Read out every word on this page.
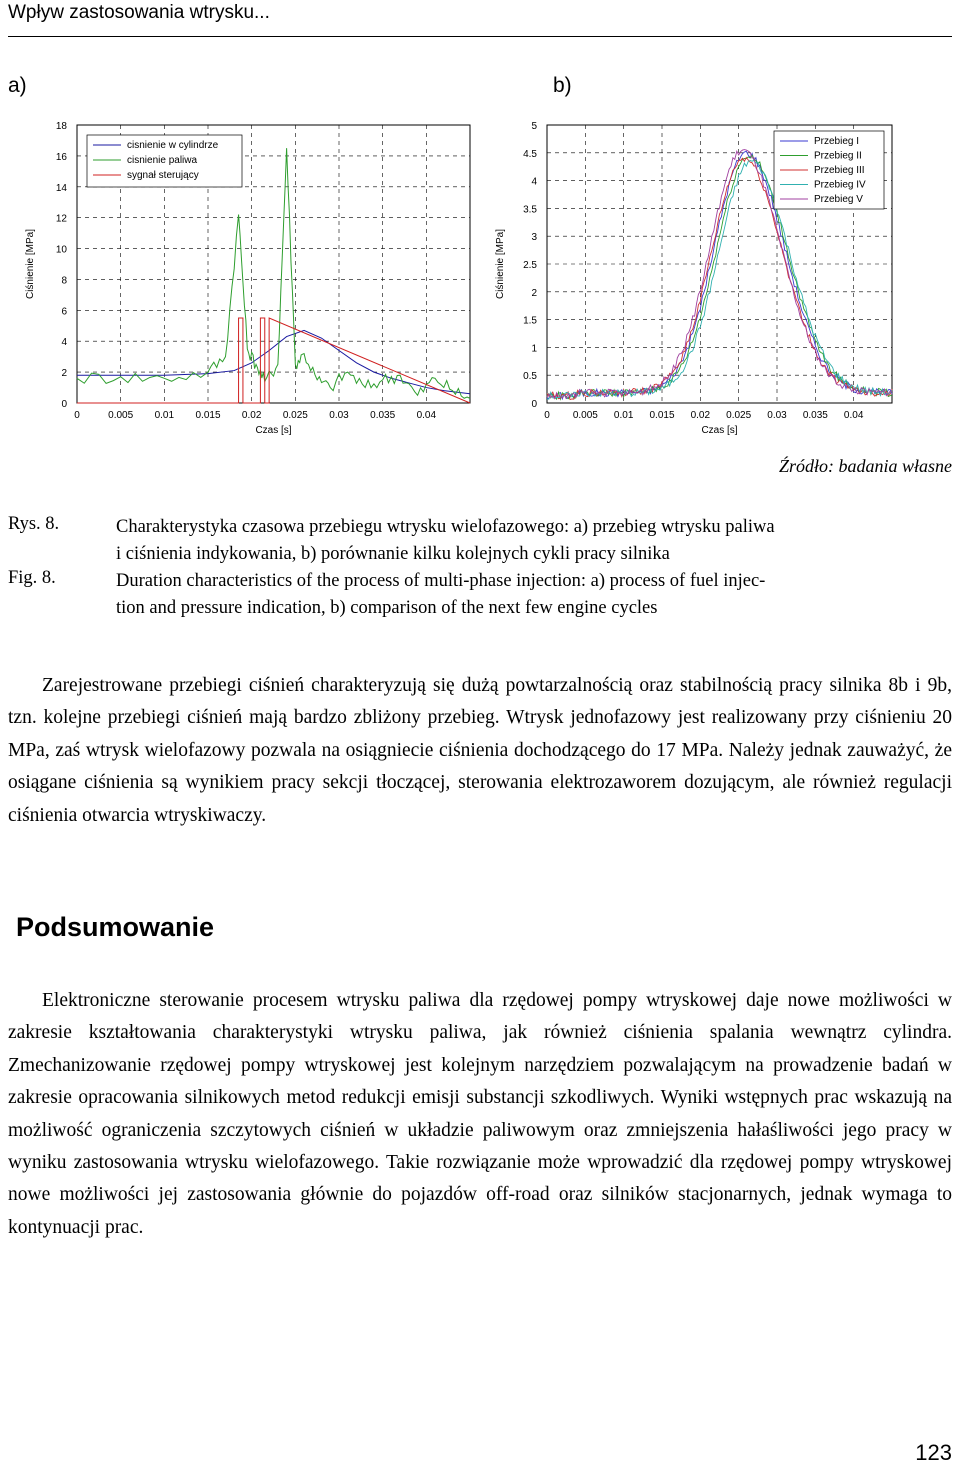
Wpływ zastosowania wtrysku...
a)	b)
0	0.005 0.01 0.015 0.02 0.025 0.03 0.035 0.04
0
2
4
6
8
10
12
14
16
18
Czas [s]
Ciśnienie [MPa]
cisnienie w cylindrze
cisnienie paliwa
sygnał sterujący
0 0.005 0.01 0.015 0.02 0.025 0.03 0.035 0.04
0
0.5
1
1.5
2
2.5
3
3.5
4
4.5
5
Czas [s]
Ciśnienie [MPa]
Przebieg I
Przebieg II
Przebieg III
Przebieg IV
Przebieg V
Źródło: badania własne
Rys. 8.
Fig. 8.
Charakterystyka czasowa przebiegu wtrysku wielofazowego: a) przebieg wtrysku paliwa
i ciśnienia indykowania, b) porównanie kilku kolejnych cykli pracy silnika
Duration characteristics of the process of multi-phase injection: a) process of fuel injec-
tion and pressure indication, b) comparison of the next few engine cycles
Zarejestrowane przebiegi ciśnień charakteryzują się dużą powtarzalnością oraz stabilnością pracy silnika 8b i 9b, tzn. kolejne przebiegi ciśnień mają bardzo zbliżony przebieg. Wtrysk jednofazowy jest realizowany przy ciśnieniu 20 MPa, zaś wtrysk wielofazowy pozwala na osiągniecie ciśnienia dochodzącego do 17 MPa. Należy jednak zauważyć, że osiągane ciśnienia są wynikiem pracy sekcji tłoczącej, sterowania elektrozaworem dozującym, ale również regulacji ciśnienia otwarcia wtryskiwaczy.
Podsumowanie
Elektroniczne sterowanie procesem wtrysku paliwa dla rzędowej pompy wtryskowej daje nowe możliwości w zakresie kształtowania charakterystyki wtrysku paliwa, jak również ciśnienia spalania wewnątrz cylindra. Zmechanizowanie rzędowej pompy wtryskowej jest kolejnym narzędziem pozwalającym na prowadzenie badań w zakresie opracowania silnikowych metod redukcji emisji substancji szkodliwych. Wyniki wstępnych prac wskazują na możliwość ograniczenia szczytowych ciśnień w układzie paliwowym oraz zmniejszenia hałaśliwości jego pracy w wyniku zastosowania wtrysku wielofazowego. Takie rozwiązanie może wprowadzić dla rzędowej pompy wtryskowej nowe możliwości jej zastosowania głównie do pojazdów off-road oraz silników stacjonarnych, jednak wymaga to kontynuacji prac.
123
